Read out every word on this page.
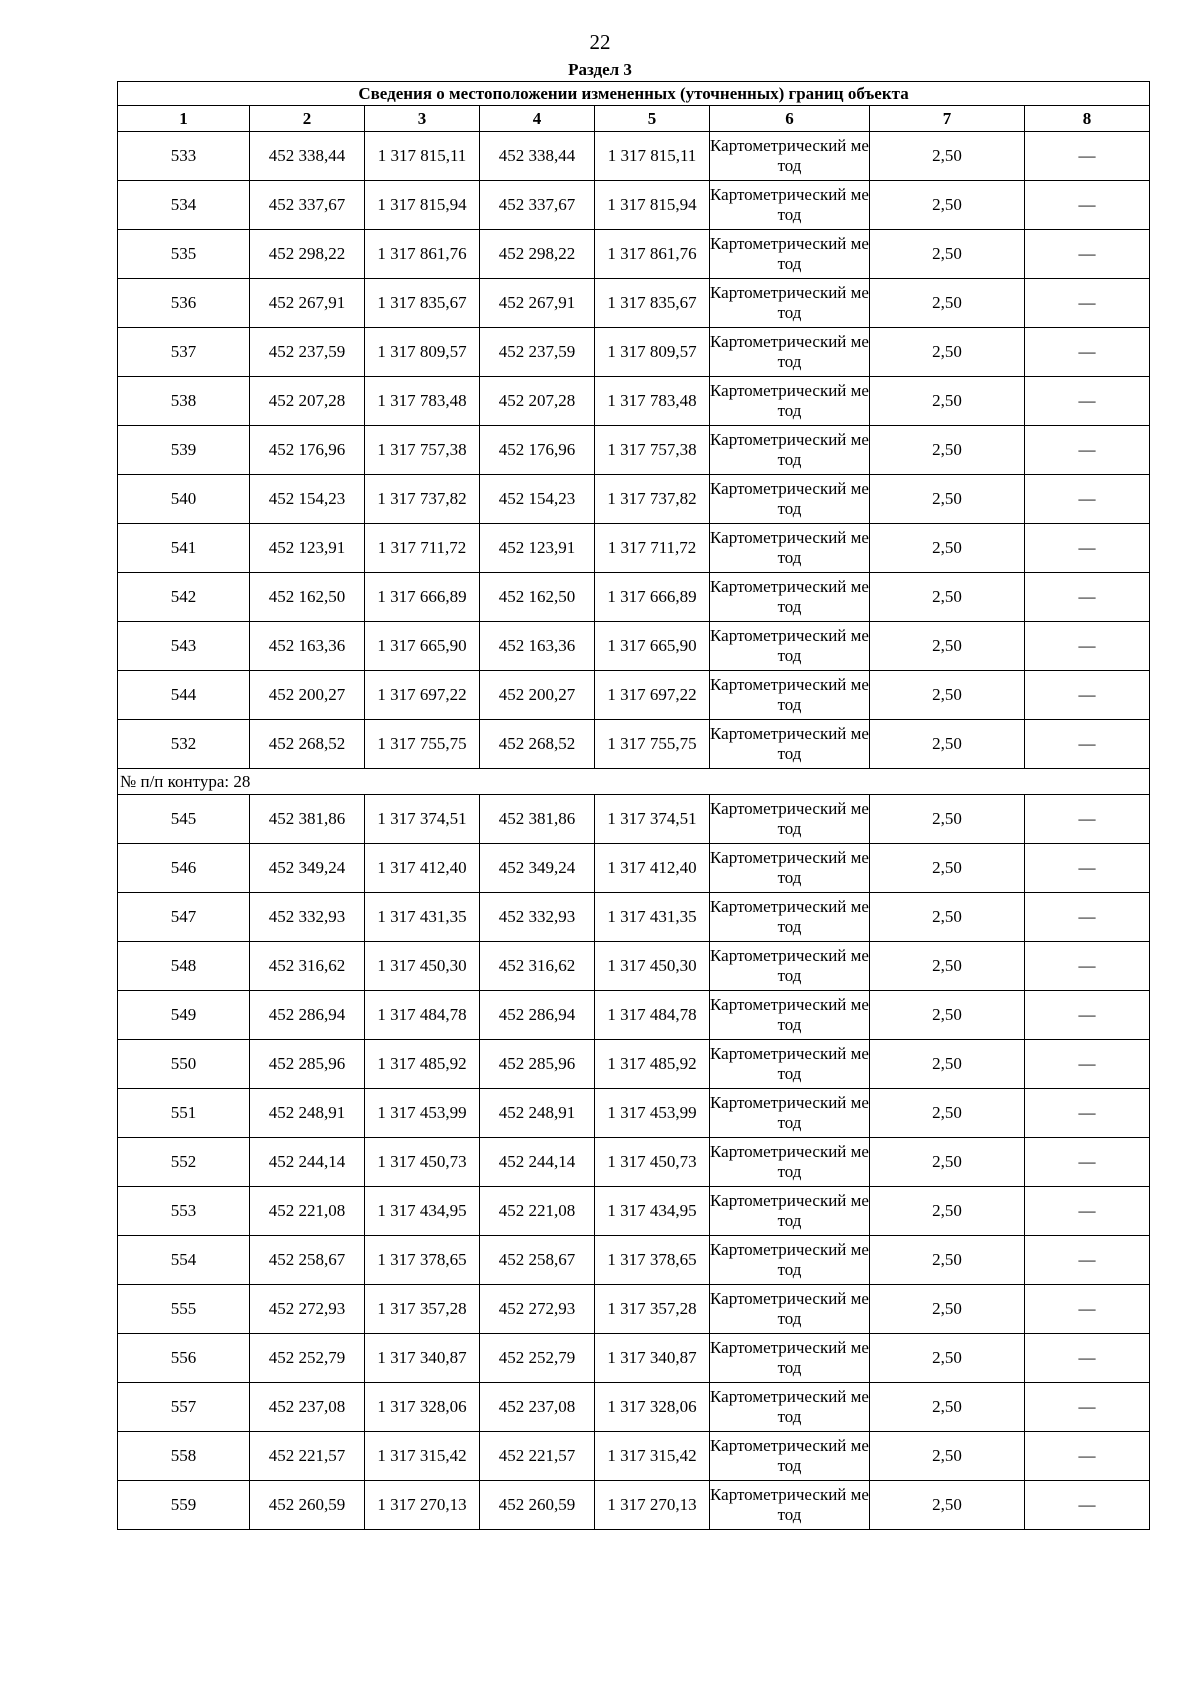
22
Раздел 3
Сведения о местоположении измененных (уточненных) границ объекта							
1	2	3	4	5	6	7	8
533	452 338,44	1 317 815,11	452 338,44	1 317 815,11	Картометрический метод	2,50	—
534	452 337,67	1 317 815,94	452 337,67	1 317 815,94	Картометрический метод	2,50	—
535	452 298,22	1 317 861,76	452 298,22	1 317 861,76	Картометрический метод	2,50	—
536	452 267,91	1 317 835,67	452 267,91	1 317 835,67	Картометрический метод	2,50	—
537	452 237,59	1 317 809,57	452 237,59	1 317 809,57	Картометрический метод	2,50	—
538	452 207,28	1 317 783,48	452 207,28	1 317 783,48	Картометрический метод	2,50	—
539	452 176,96	1 317 757,38	452 176,96	1 317 757,38	Картометрический метод	2,50	—
540	452 154,23	1 317 737,82	452 154,23	1 317 737,82	Картометрический метод	2,50	—
541	452 123,91	1 317 711,72	452 123,91	1 317 711,72	Картометрический метод	2,50	—
542	452 162,50	1 317 666,89	452 162,50	1 317 666,89	Картометрический метод	2,50	—
543	452 163,36	1 317 665,90	452 163,36	1 317 665,90	Картометрический метод	2,50	—
544	452 200,27	1 317 697,22	452 200,27	1 317 697,22	Картометрический метод	2,50	—
532	452 268,52	1 317 755,75	452 268,52	1 317 755,75	Картометрический метод	2,50	—
№ п/п контура: 28							
545	452 381,86	1 317 374,51	452 381,86	1 317 374,51	Картометрический метод	2,50	—
546	452 349,24	1 317 412,40	452 349,24	1 317 412,40	Картометрический метод	2,50	—
547	452 332,93	1 317 431,35	452 332,93	1 317 431,35	Картометрический метод	2,50	—
548	452 316,62	1 317 450,30	452 316,62	1 317 450,30	Картометрический метод	2,50	—
549	452 286,94	1 317 484,78	452 286,94	1 317 484,78	Картометрический метод	2,50	—
550	452 285,96	1 317 485,92	452 285,96	1 317 485,92	Картометрический метод	2,50	—
551	452 248,91	1 317 453,99	452 248,91	1 317 453,99	Картометрический метод	2,50	—
552	452 244,14	1 317 450,73	452 244,14	1 317 450,73	Картометрический метод	2,50	—
553	452 221,08	1 317 434,95	452 221,08	1 317 434,95	Картометрический метод	2,50	—
554	452 258,67	1 317 378,65	452 258,67	1 317 378,65	Картометрический метод	2,50	—
555	452 272,93	1 317 357,28	452 272,93	1 317 357,28	Картометрический метод	2,50	—
556	452 252,79	1 317 340,87	452 252,79	1 317 340,87	Картометрический метод	2,50	—
557	452 237,08	1 317 328,06	452 237,08	1 317 328,06	Картометрический метод	2,50	—
558	452 221,57	1 317 315,42	452 221,57	1 317 315,42	Картометрический метод	2,50	—
559	452 260,59	1 317 270,13	452 260,59	1 317 270,13	Картометрический метод	2,50	—
